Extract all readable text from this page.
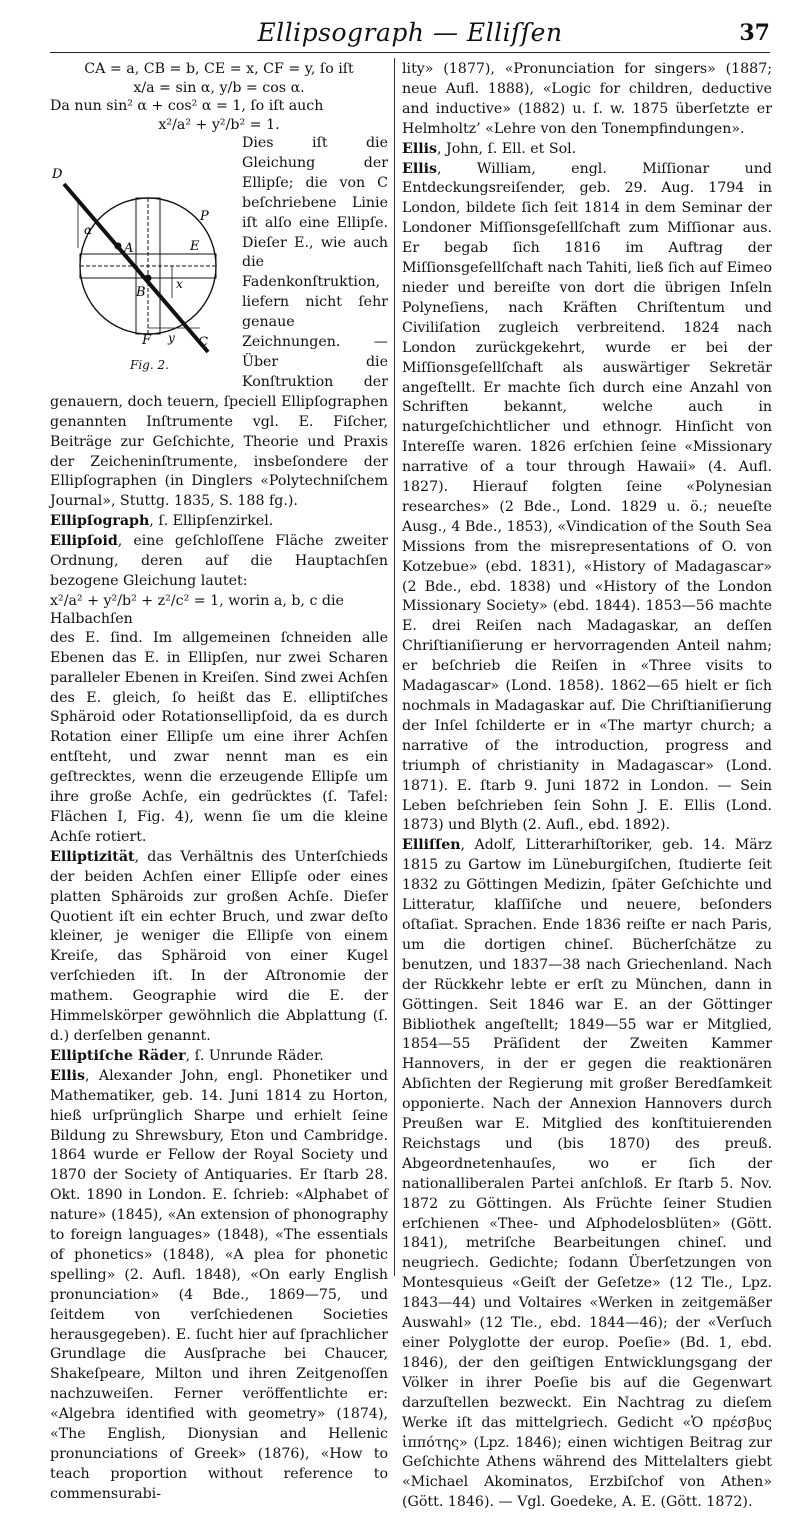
Ellipsograph — Elliſſen	37

CA = a, CB = b, CE = x, CF = y, ſo iſt

x/a = sin α, y/b = cos α.

Da nun sin² α + cos² α = 1, ſo iſt auch

x²/a² + y²/b² = 1.

D
P
A	E
B
x
F y C
α
Fig. 2.
Dies iſt die Gleichung der Ellipſe; die von C beſchriebene Linie iſt alſo eine Ellipſe. Dieſer E., wie auch die Fadenkonſtruktion, liefern nicht ſehr genaue Zeichnungen. — Über die Konſtruktion der genauern, doch teuern, ſpeciell Ellipſographen genannten Inſtrumente vgl. E. Fiſcher, Beiträge zur Geſchichte, Theorie und Praxis der Zeicheninſtrumente, insbeſondere der Ellipſographen (in Dinglers «Polytechniſchem Journal», Stuttg. 1835, S. 188 fg.).

Ellipſograph, ſ. Ellipſenzirkel.

Ellipſoid, eine geſchloſſene Fläche zweiter Ordnung, deren auf die Hauptachſen bezogene Gleichung lautet:

x²/a² + y²/b² + z²/c² = 1, worin a, b, c die Halbachſen

des E. ſind. Im allgemeinen ſchneiden alle Ebenen das E. in Ellipſen, nur zwei Scharen paralleler Ebenen in Kreiſen. Sind zwei Achſen des E. gleich, ſo heißt das E. elliptiſches Sphäroid oder Rotationsellipſoid, da es durch Rotation einer Ellipſe um eine ihrer Achſen entſteht, und zwar nennt man es ein geſtrecktes, wenn die erzeugende Ellipſe um ihre große Achſe, ein gedrücktes (ſ. Tafel: Flächen I, Fig. 4), wenn ſie um die kleine Achſe rotiert.

Elliptizität, das Verhältnis des Unterſchieds der beiden Achſen einer Ellipſe oder eines platten Sphäroids zur großen Achſe. Dieſer Quotient iſt ein echter Bruch, und zwar deſto kleiner, je weniger die Ellipſe von einem Kreiſe, das Sphäroid von einer Kugel verſchieden iſt. In der Aſtronomie der mathem. Geographie wird die E. der Himmelskörper gewöhnlich die Abplattung (ſ. d.) derſelben genannt.

Elliptiſche Räder, ſ. Unrunde Räder.

Ellis, Alexander John, engl. Phonetiker und Mathematiker, geb. 14. Juni 1814 zu Horton, hieß urſprünglich Sharpe und erhielt ſeine Bildung zu Shrewsbury, Eton und Cambridge. 1864 wurde er Fellow der Royal Society und 1870 der Society of Antiquaries. Er ſtarb 28. Okt. 1890 in London. E. ſchrieb: «Alphabet of nature» (1845), «An extension of phonography to foreign languages» (1848), «The essentials of phonetics» (1848), «A plea for phonetic spelling» (2. Aufl. 1848), «On early English pronunciation» (4 Bde., 1869—75, und ſeitdem von verſchiedenen Societies herausgegeben). E. ſucht hier auf ſprachlicher Grundlage die Ausſprache bei Chaucer, Shakeſpeare, Milton und ihren Zeitgenoſſen nachzuweiſen. Ferner veröffentlichte er: «Algebra identified with geometry» (1874), «The English, Dionysian and Hellenic pronunciations of Greek» (1876), «How to teach proportion without reference to commensurabi-

lity» (1877), «Pronunciation for singers» (1887; neue Aufl. 1888), «Logic for children, deductive and inductive» (1882) u. ſ. w. 1875 überſetzte er Helmholtz’ «Lehre von den Tonempfindungen».

Ellis, John, ſ. Ell. et Sol.

Ellis, William, engl. Miſſionar und Entdeckungsreiſender, geb. 29. Aug. 1794 in London, bildete ſich ſeit 1814 in dem Seminar der Londoner Miſſionsgeſellſchaft zum Miſſionar aus. Er begab ſich 1816 im Auftrag der Miſſionsgeſellſchaft nach Tahiti, ließ ſich auf Eimeo nieder und bereiſte von dort die übrigen Inſeln Polyneſiens, nach Kräften Chriſtentum und Civiliſation zugleich verbreitend. 1824 nach London zurückgekehrt, wurde er bei der Miſſionsgeſellſchaft als auswärtiger Sekretär angeſtellt. Er machte ſich durch eine Anzahl von Schriften bekannt, welche auch in naturgeſchichtlicher und ethnogr. Hinſicht von Intereſſe waren. 1826 erſchien ſeine «Missionary narrative of a tour through Hawaii» (4. Aufl. 1827). Hierauf folgten ſeine «Polynesian researches» (2 Bde., Lond. 1829 u. ö.; neueſte Ausg., 4 Bde., 1853), «Vindication of the South Sea Missions from the misrepresentations of O. von Kotzebue» (ebd. 1831), «History of Madagascar» (2 Bde., ebd. 1838) und «History of the London Missionary Society» (ebd. 1844). 1853—56 machte E. drei Reiſen nach Madagaskar, an deſſen Chriſtianiſierung er hervorragenden Anteil nahm; er beſchrieb die Reiſen in «Three visits to Madagascar» (Lond. 1858). 1862—65 hielt er ſich nochmals in Madagaskar auf. Die Chriſtianiſierung der Inſel ſchilderte er in «The martyr church; a narrative of the introduction, progress and triumph of christianity in Madagascar» (Lond. 1871). E. ſtarb 9. Juni 1872 in London. — Sein Leben beſchrieben ſein Sohn J. E. Ellis (Lond. 1873) und Blyth (2. Aufl., ebd. 1892).

Elliſſen, Adolf, Litterarhiſtoriker, geb. 14. März 1815 zu Gartow im Lüneburgiſchen, ſtudierte ſeit 1832 zu Göttingen Medizin, ſpäter Geſchichte und Litteratur, klaſſiſche und neuere, beſonders oſtaſiat. Sprachen. Ende 1836 reiſte er nach Paris, um die dortigen chineſ. Bücherſchätze zu benutzen, und 1837—38 nach Griechenland. Nach der Rückkehr lebte er erſt zu München, dann in Göttingen. Seit 1846 war E. an der Göttinger Bibliothek angeſtellt; 1849—55 war er Mitglied, 1854—55 Präſident der Zweiten Kammer Hannovers, in der er gegen die reaktionären Abſichten der Regierung mit großer Beredſamkeit opponierte. Nach der Annexion Hannovers durch Preußen war E. Mitglied des konſtituierenden Reichstags und (bis 1870) des preuß. Abgeordnetenhauſes, wo er ſich der nationalliberalen Partei anſchloß. Er ſtarb 5. Nov. 1872 zu Göttingen. Als Früchte ſeiner Studien erſchienen «Thee- und Aſphodelosblüten» (Gött. 1841), metriſche Bearbeitungen chineſ. und neugriech. Gedichte; ſodann Überſetzungen von Montesquieus «Geiſt der Geſetze» (12 Tle., Lpz. 1843—44) und Voltaires «Werken in zeitgemäßer Auswahl» (12 Tle., ebd. 1844—46); der «Verſuch einer Polyglotte der europ. Poeſie» (Bd. 1, ebd. 1846), der den geiſtigen Entwicklungsgang der Völker in ihrer Poeſie bis auf die Gegenwart darzuſtellen bezweckt. Ein Nachtrag zu dieſem Werke iſt das mittelgriech. Gedicht «Ὁ πρέσβυς ἱππότης» (Lpz. 1846); einen wichtigen Beitrag zur Geſchichte Athens während des Mittelalters giebt «Michael Akominatos, Erzbiſchof von Athen» (Gött. 1846). — Vgl. Goedeke, A. E. (Gött. 1872).
